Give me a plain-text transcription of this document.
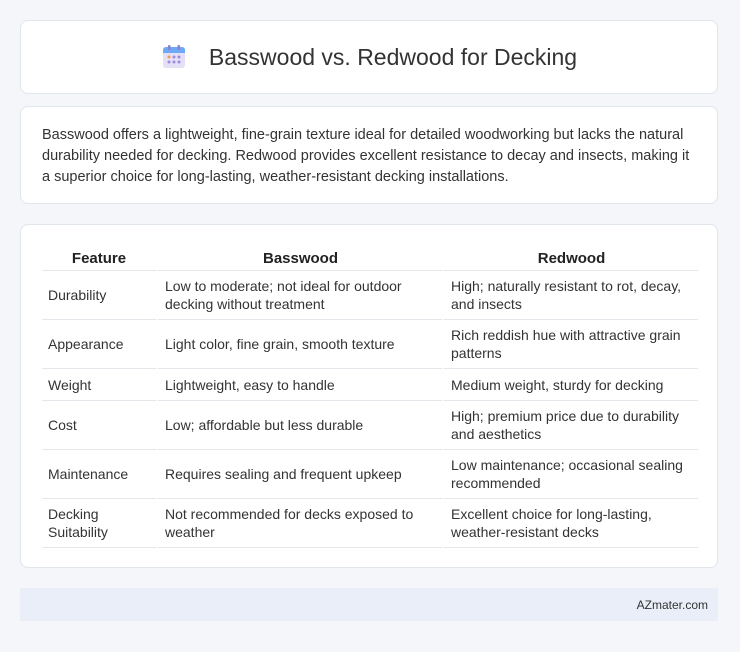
Basswood vs. Redwood for Decking

Basswood offers a lightweight, fine-grain texture ideal for detailed woodworking but lacks the natural durability needed for decking. Redwood provides excellent resistance to decay and insects, making it a superior choice for long-lasting, weather-resistant decking installations.

Feature	Basswood	Redwood
Durability	Low to moderate; not ideal for outdoor decking without treatment	High; naturally resistant to rot, decay, and insects
Appearance	Light color, fine grain, smooth texture	Rich reddish hue with attractive grain patterns
Weight	Lightweight, easy to handle	Medium weight, sturdy for decking
Cost	Low; affordable but less durable	High; premium price due to durability and aesthetics
Maintenance	Requires sealing and frequent upkeep	Low maintenance; occasional sealing recommended
Decking Suitability	Not recommended for decks exposed to weather	Excellent choice for long-lasting, weather-resistant decks
AZmater.com
